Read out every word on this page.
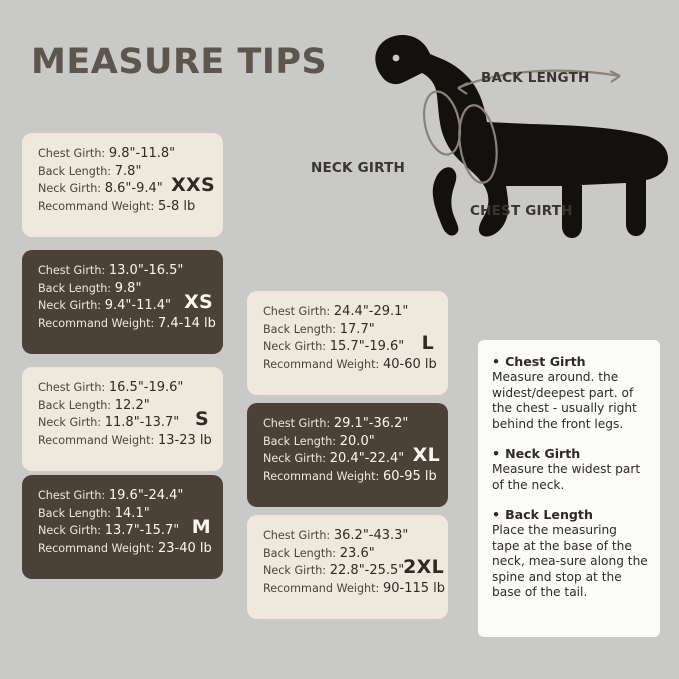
MEASURE TIPS	BACK LENGTH
NECK GIRTH
CHEST GIRTH
Chest Girth: 9.8"-11.8"
Back Length: 7.8"
Neck Girth: 8.6"-9.4"
Recommand Weight: 5-8 lb
XXS
Chest Girth: 13.0"-16.5"
Back Length: 9.8"
Neck Girth: 9.4"-11.4"
Recommand Weight: 7.4-14 lb
XS
Chest Girth: 16.5"-19.6"
Back Length: 12.2"
Neck Girth: 11.8"-13.7"
Recommand Weight: 13-23 lb
S
Chest Girth: 19.6"-24.4"
Back Length: 14.1"
Neck Girth: 13.7"-15.7"
Recommand Weight: 23-40 lb
M
Chest Girth: 24.4"-29.1"
Back Length: 17.7"
Neck Girth: 15.7"-19.6"
Recommand Weight: 40-60 lb
L
Chest Girth: 29.1"-36.2"
Back Length: 20.0"
Neck Girth: 20.4"-22.4"
Recommand Weight: 60-95 lb
XL
Chest Girth: 36.2"-43.3"
Back Length: 23.6"
Neck Girth: 22.8"-25.5"
Recommand Weight: 90-115 lb
2XL
• Chest Girth

Measure around. the widest/deepest part. of the chest - usually right behind the front legs.

• Neck Girth

Measure the widest part of the neck.

• Back Length

Place the measuring tape at the base of the neck, mea-sure along the spine and stop at the base of the tail.
